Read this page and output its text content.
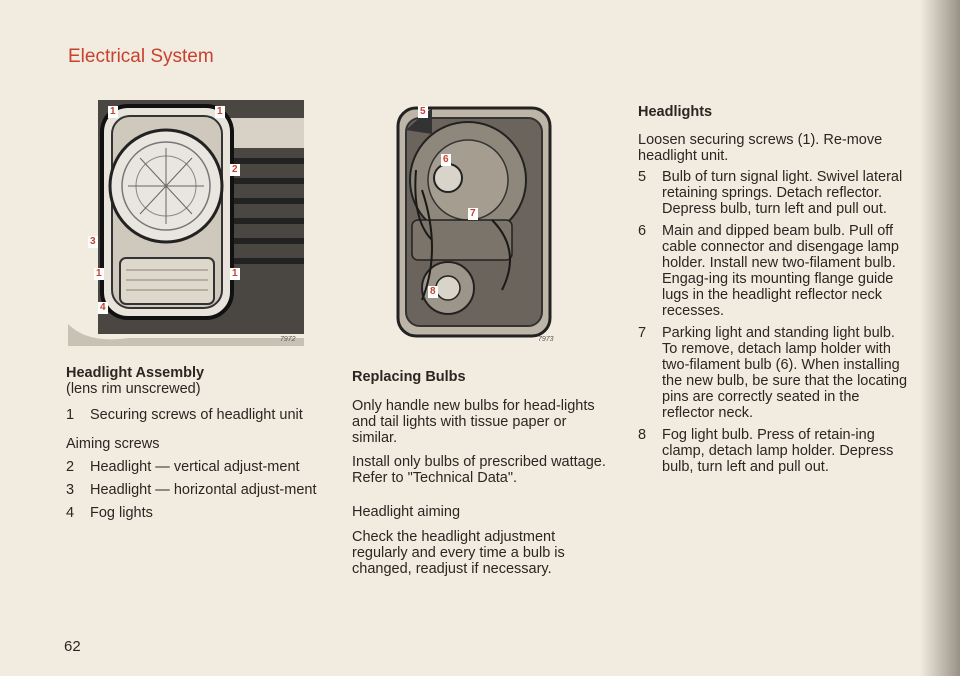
Electrical System
1	1
2
3
1	1
4
7972
5
6
7
8
7973
Headlight Assembly
(lens rim unscrewed)
1	Securing screws of headlight unit
Aiming screws
2	Headlight — vertical adjust-ment
3	Headlight — horizontal adjust-ment
4	Fog lights
Replacing Bulbs
Only handle new bulbs for head-lights and tail lights with tissue paper or similar.
Install only bulbs of prescribed wattage. Refer to "Technical Data".
Headlight aiming
Check the headlight adjustment regularly and every time a bulb is changed, readjust if necessary.
Headlights
Loosen securing screws (1). Re-move headlight unit.
5	Bulb of turn signal light. Swivel lateral retaining springs. Detach reflector. Depress bulb, turn left and pull out.
6	Main and dipped beam bulb. Pull off cable connector and disengage lamp holder. Install new two-filament bulb. Engag-ing its mounting flange guide lugs in the headlight reflector neck recesses.
7	Parking light and standing light bulb. To remove, detach lamp holder with two-filament bulb (6). When installing the new bulb, be sure that the locating pins are correctly seated in the reflector neck.
8	Fog light bulb. Press of retain-ing clamp, detach lamp holder. Depress bulb, turn left and pull out.
62
